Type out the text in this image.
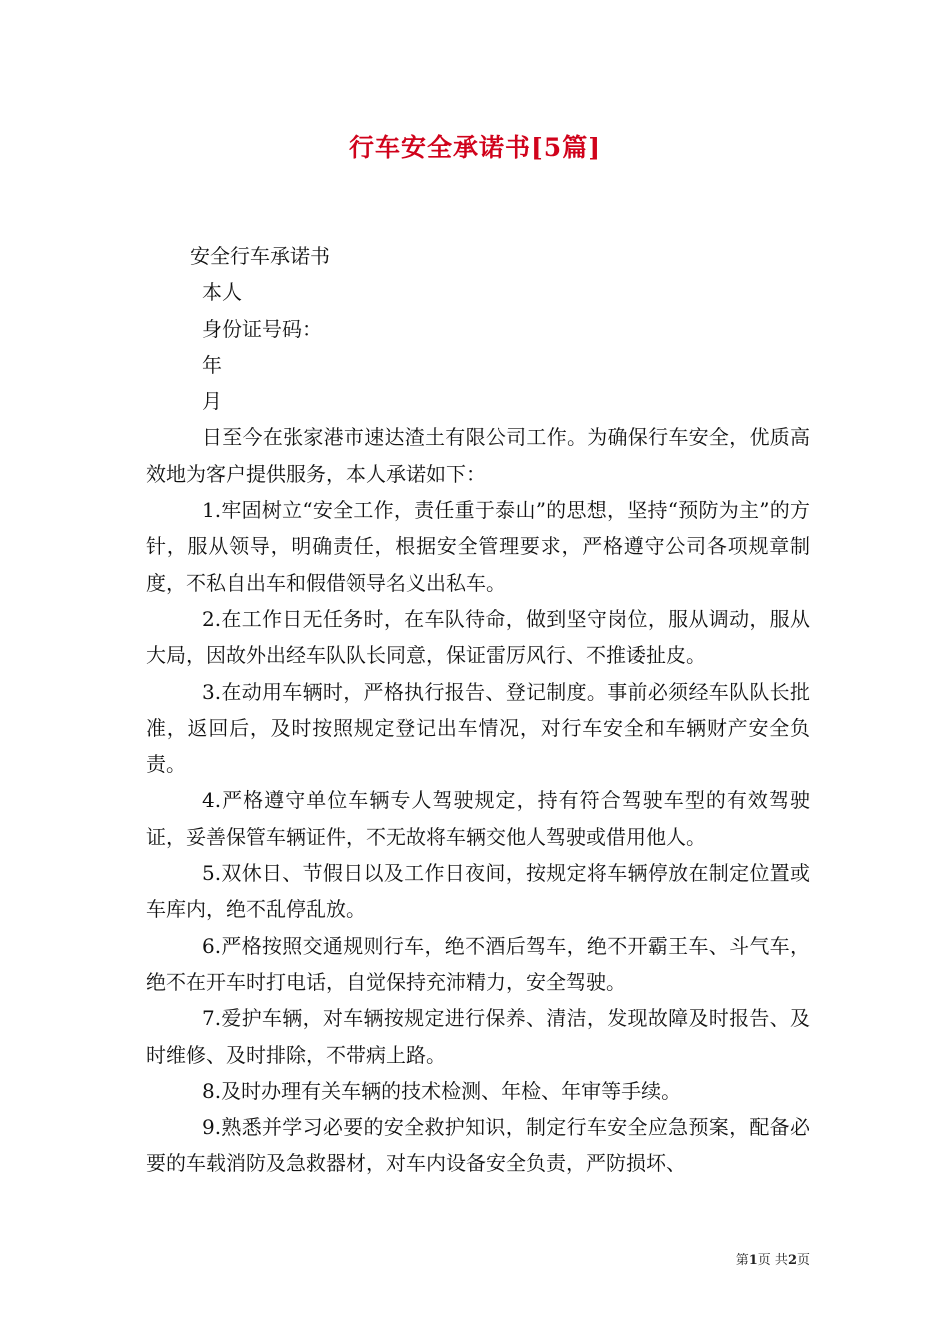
行车安全承诺书[5篇]

安全行车承诺书

本人

身份证号码：

年

月

日至今在张家港市速达渣土有限公司工作。为确保行车安全，优质高效地为客户提供服务，本人承诺如下：

1.牢固树立“安全工作，责任重于泰山”的思想，坚持“预防为主”的方针，服从领导，明确责任，根据安全管理要求，严格遵守公司各项规章制度，不私自出车和假借领导名义出私车。

2.在工作日无任务时，在车队待命，做到坚守岗位，服从调动，服从大局，因故外出经车队队长同意，保证雷厉风行、不推诿扯皮。

3.在动用车辆时，严格执行报告、登记制度。事前必须经车队队长批准，返回后，及时按照规定登记出车情况，对行车安全和车辆财产安全负责。

4.严格遵守单位车辆专人驾驶规定，持有符合驾驶车型的有效驾驶证，妥善保管车辆证件，不无故将车辆交他人驾驶或借用他人。

5.双休日、节假日以及工作日夜间，按规定将车辆停放在制定位置或车库内，绝不乱停乱放。

6.严格按照交通规则行车，绝不酒后驾车，绝不开霸王车、斗气车，绝不在开车时打电话，自觉保持充沛精力，安全驾驶。

7.爱护车辆，对车辆按规定进行保养、清洁，发现故障及时报告、及时维修、及时排除，不带病上路。

8.及时办理有关车辆的技术检测、年检、年审等手续。

9.熟悉并学习必要的安全救护知识，制定行车安全应急预案，配备必要的车载消防及急救器材，对车内设备安全负责，严防损坏、

第1页 共2页
